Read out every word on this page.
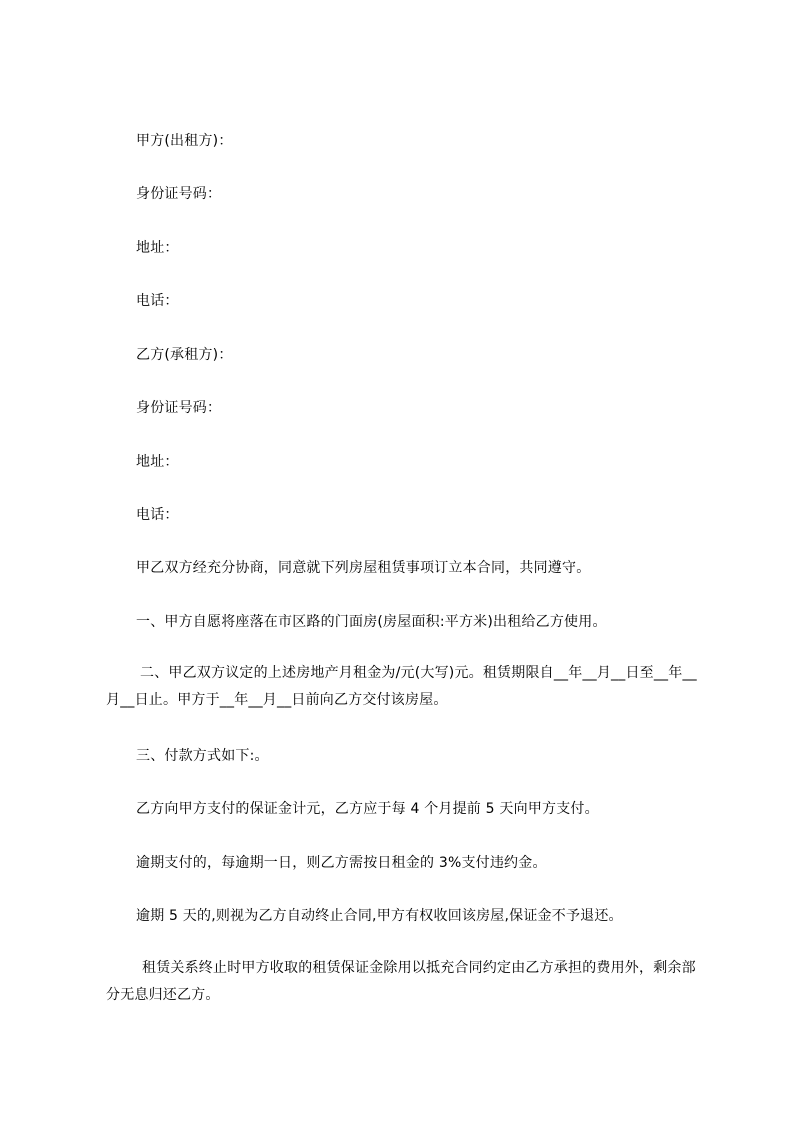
甲方(出租方)：
身份证号码：
地址：
电话：
乙方(承租方)：
身份证号码：
地址：
电话：
甲乙双方经充分协商，同意就下列房屋租赁事项订立本合同，共同遵守。
一、甲方自愿将座落在市区路的门面房(房屋面积:平方米)出租给乙方使用。
二、甲乙双方议定的上述房地产月租金为/元(大写)元。租赁期限自__年__月__日至__年__月__日止。甲方于__年__月__日前向乙方交付该房屋。
三、付款方式如下:。
乙方向甲方支付的保证金计元，乙方应于每 4 个月提前 5 天向甲方支付。
逾期支付的，每逾期一日，则乙方需按日租金的 3%支付违约金。
逾期 5 天的,则视为乙方自动终止合同,甲方有权收回该房屋,保证金不予退还。
租赁关系终止时甲方收取的租赁保证金除用以抵充合同约定由乙方承担的费用外，剩余部分无息归还乙方。
